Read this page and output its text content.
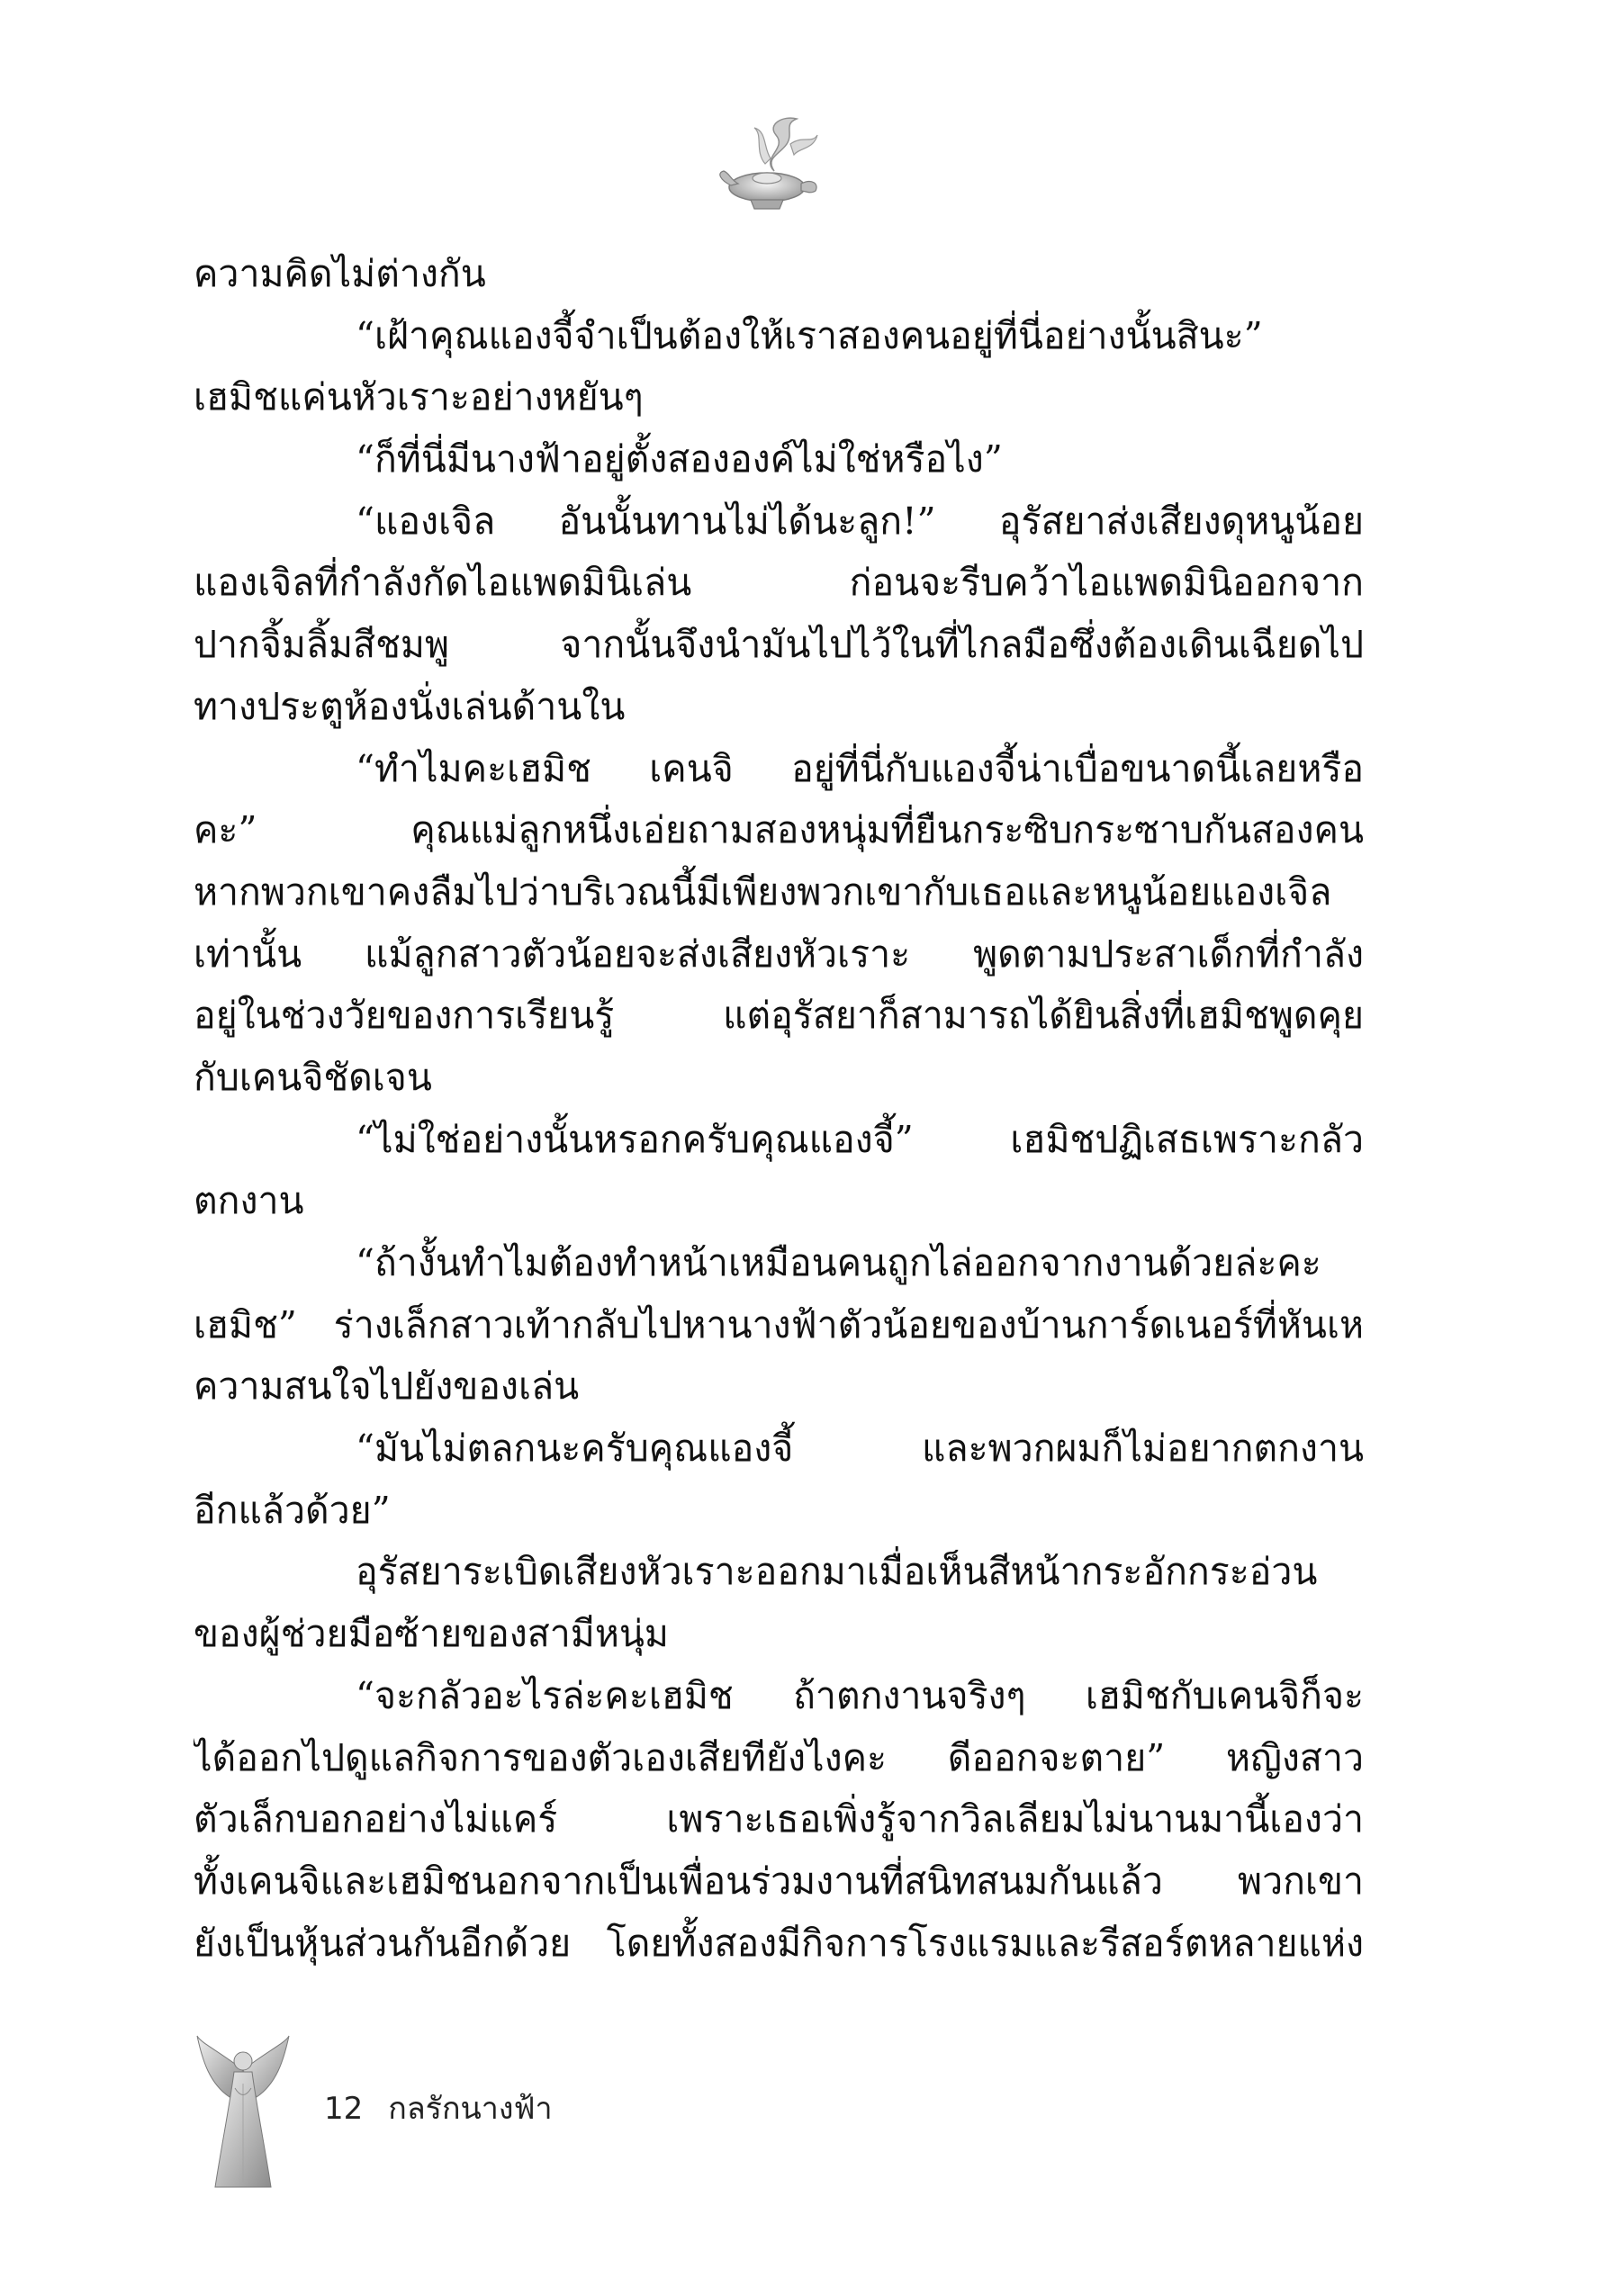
ความคิดไม่ต่างกัน
“เฝ้าคุณแองจี้จำเป็นต้องให้เราสองคนอยู่ที่นี่อย่างนั้นสินะ”
เฮมิชแค่นหัวเราะอย่างหยันๆ
“ก็ที่นี่มีนางฟ้าอยู่ตั้งสององค์ไม่ใช่หรือไง”
“แองเจิล อันนั้นทานไม่ได้นะลูก!” อุรัสยาส่งเสียงดุหนูน้อย
แองเจิลที่กำลังกัดไอแพดมินิเล่น ก่อนจะรีบคว้าไอแพดมินิออกจาก
ปากจิ้มลิ้มสีชมพู จากนั้นจึงนำมันไปไว้ในที่ไกลมือซึ่งต้องเดินเฉียดไป
ทางประตูห้องนั่งเล่นด้านใน
“ทำไมคะเฮมิช เคนจิ อยู่ที่นี่กับแองจี้น่าเบื่อขนาดนี้เลยหรือ
คะ” คุณแม่ลูกหนึ่งเอ่ยถามสองหนุ่มที่ยืนกระซิบกระซาบกันสองคน
หากพวกเขาคงลืมไปว่าบริเวณนี้มีเพียงพวกเขากับเธอและหนูน้อยแองเจิล
เท่านั้น แม้ลูกสาวตัวน้อยจะส่งเสียงหัวเราะ พูดตามประสาเด็กที่กำลัง
อยู่ในช่วงวัยของการเรียนรู้ แต่อุรัสยาก็สามารถได้ยินสิ่งที่เฮมิชพูดคุย
กับเคนจิชัดเจน
“ไม่ใช่อย่างนั้นหรอกครับคุณแองจี้” เฮมิชปฏิเสธเพราะกลัว
ตกงาน
“ถ้างั้นทำไมต้องทำหน้าเหมือนคนถูกไล่ออกจากงานด้วยล่ะคะ
เฮมิช” ร่างเล็กสาวเท้ากลับไปหานางฟ้าตัวน้อยของบ้านการ์ดเนอร์ที่หันเห
ความสนใจไปยังของเล่น
“มันไม่ตลกนะครับคุณแองจี้ และพวกผมก็ไม่อยากตกงาน
อีกแล้วด้วย”
อุรัสยาระเบิดเสียงหัวเราะออกมาเมื่อเห็นสีหน้ากระอักกระอ่วน
ของผู้ช่วยมือซ้ายของสามีหนุ่ม
“จะกลัวอะไรล่ะคะเฮมิช ถ้าตกงานจริงๆ เฮมิชกับเคนจิก็จะ
ได้ออกไปดูแลกิจการของตัวเองเสียทียังไงคะ ดีออกจะตาย” หญิงสาว
ตัวเล็กบอกอย่างไม่แคร์ เพราะเธอเพิ่งรู้จากวิลเลียมไม่นานมานี้เองว่า
ทั้งเคนจิและเฮมิชนอกจากเป็นเพื่อนร่วมงานที่สนิทสนมกันแล้ว พวกเขา
ยังเป็นหุ้นส่วนกันอีกด้วย โดยทั้งสองมีกิจการโรงแรมและรีสอร์ตหลายแห่ง
12 กลรักนางฟ้า
